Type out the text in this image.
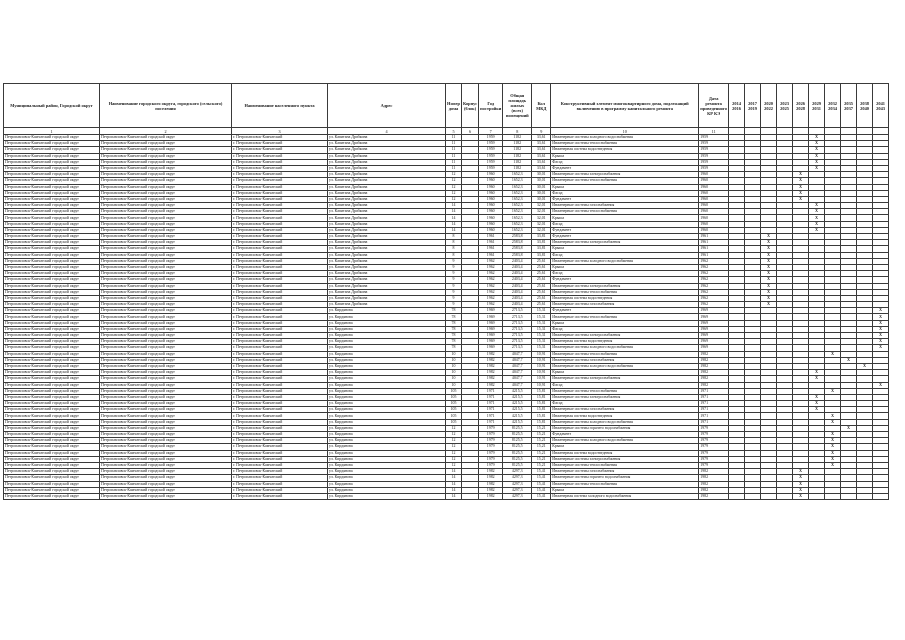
Муниципальный район, Городской округ	Наименование городского округа, городского (сельского) поселения	Наименование населенного пункта	Адрес	Номер дома	Корпус (блок)	Год постройки	Общая площадь жилых (всех) помещений	Кол МКД	Конструктивный элемент многоквартирного дома, подлежащий включению в программу капитального ремонта	Дата ремонта проведенного КР КЭ	2014 2016	2017 2019	2020 2022	2023 2025	2026 2028	2029 2031	2032 2034	2035 2037	2038 2040	2041 2043
1	2	3	4	5	6	7	8	9	10	11										
Петропавловск-Камчатский городской округ	Петропавловск-Камчатский городской округ	г. Петропавловск-Камчатский	ул. Капитана Драбкина	11		1959	1182	33,61	Инженерные системы холодного водоснабжения	1959						X				
Петропавловск-Камчатский городской округ	Петропавловск-Камчатский городской округ	г. Петропавловск-Камчатский	ул. Капитана Драбкина	11		1959	1182	33,61	Инженерные системы теплоснабжения	1959						X				
Петропавловск-Камчатский городской округ	Петропавловск-Камчатский городской округ	г. Петропавловск-Камчатский	ул. Капитана Драбкина	11		1959	1182	33,61	Инженерная система водоотведения	1959						X				
Петропавловск-Камчатский городской округ	Петропавловск-Камчатский городской округ	г. Петропавловск-Камчатский	ул. Капитана Драбкина	11		1959	1182	33,61	Крыша	1959						X				
Петропавловск-Камчатский городской округ	Петропавловск-Камчатский городской округ	г. Петропавловск-Камчатский	ул. Капитана Драбкина	11		1959	1182	33,61	Фасад	1959						X				
Петропавловск-Камчатский городской округ	Петропавловск-Камчатский городской округ	г. Петропавловск-Камчатский	ул. Капитана Драбкина	11		1959	1182	33,61	Фундамент	1959						X				
Петропавловск-Камчатский городской округ	Петропавловск-Камчатский городской округ	г. Петропавловск-Камчатский	ул. Капитана Драбкина	12		1960	1652,3	30,01	Инженерные системы электроснабжения	1960					X					
Петропавловск-Камчатский городской округ	Петропавловск-Камчатский городской округ	г. Петропавловск-Камчатский	ул. Капитана Драбкина	12		1960	1652,3	30,01	Инженерные системы теплоснабжения	1960					X					
Петропавловск-Камчатский городской округ	Петропавловск-Камчатский городской округ	г. Петропавловск-Камчатский	ул. Капитана Драбкина	12		1960	1652,3	30,01	Крыша	1960					X					
Петропавловск-Камчатский городской округ	Петропавловск-Камчатский городской округ	г. Петропавловск-Камчатский	ул. Капитана Драбкина	12		1960	1652,3	30,01	Фасад	1960					X					
Петропавловск-Камчатский городской округ	Петропавловск-Камчатский городской округ	г. Петропавловск-Камчатский	ул. Капитана Драбкина	12		1960	1652,3	30,01	Фундамент	1960					X					
Петропавловск-Камчатский городской округ	Петропавловск-Камчатский городской округ	г. Петропавловск-Камчатский	ул. Капитана Драбкина	14		1960	1652,3	32,01	Инженерные системы газоснабжения	1960						X				
Петропавловск-Камчатский городской округ	Петропавловск-Камчатский городской округ	г. Петропавловск-Камчатский	ул. Капитана Драбкина	14		1960	1652,3	32,01	Инженерные системы теплоснабжения	1960						X				
Петропавловск-Камчатский городской округ	Петропавловск-Камчатский городской округ	г. Петропавловск-Камчатский	ул. Капитана Драбкина	14		1960	1652,3	32,01	Крыша	1960						X				
Петропавловск-Камчатский городской округ	Петропавловск-Камчатский городской округ	г. Петропавловск-Камчатский	ул. Капитана Драбкина	14		1960	1652,3	32,01	Фасад	1960						X				
Петропавловск-Камчатский городской округ	Петропавловск-Камчатский городской округ	г. Петропавловск-Камчатский	ул. Капитана Драбкина	14		1960	1652,3	32,01	Фундамент	1960						X				
Петропавловск-Камчатский городской округ	Петропавловск-Камчатский городской округ	г. Петропавловск-Камчатский	ул. Капитана Драбкина	8		1961	2583,8	33,81	Фундамент	1961			X							
Петропавловск-Камчатский городской округ	Петропавловск-Камчатский городской округ	г. Петропавловск-Камчатский	ул. Капитана Драбкина	8		1961	2583,8	33,81	Инженерные системы электроснабжения	1961			X							
Петропавловск-Камчатский городской округ	Петропавловск-Камчатский городской округ	г. Петропавловск-Камчатский	ул. Капитана Драбкина	8		1961	2583,8	33,81	Крыша	1961			X							
Петропавловск-Камчатский городской округ	Петропавловск-Камчатский городской округ	г. Петропавловск-Камчатский	ул. Капитана Драбкина	8		1961	2583,8	33,81	Фасад	1961			X							
Петропавловск-Камчатский городской округ	Петропавловск-Камчатский городской округ	г. Петропавловск-Камчатский	ул. Капитана Драбкина	9		1962	2403,4	25,61	Инженерные системы холодного водоснабжения	1962			X							
Петропавловск-Камчатский городской округ	Петропавловск-Камчатский городской округ	г. Петропавловск-Камчатский	ул. Капитана Драбкина	9		1962	2403,4	25,61	Крыша	1962			X							
Петропавловск-Камчатский городской округ	Петропавловск-Камчатский городской округ	г. Петропавловск-Камчатский	ул. Капитана Драбкина	9		1962	2403,4	25,61	Фасад	1962			X							
Петропавловск-Камчатский городской округ	Петропавловск-Камчатский городской округ	г. Петропавловск-Камчатский	ул. Капитана Драбкина	9		1962	2403,4	25,61	Фундамент	1962			X							
Петропавловск-Камчатский городской округ	Петропавловск-Камчатский городской округ	г. Петропавловск-Камчатский	ул. Капитана Драбкина	9		1962	2403,4	25,61	Инженерные системы электроснабжения	1962			X							
Петропавловск-Камчатский городской округ	Петропавловск-Камчатский городской округ	г. Петропавловск-Камчатский	ул. Капитана Драбкина	9		1962	2403,4	25,61	Инженерные системы теплоснабжения	1962			X							
Петропавловск-Камчатский городской округ	Петропавловск-Камчатский городской округ	г. Петропавловск-Камчатский	ул. Капитана Драбкина	9		1962	2403,4	25,61	Инженерная система водоотведения	1962			X							
Петропавловск-Камчатский городской округ	Петропавловск-Камчатский городской округ	г. Петропавловск-Камчатский	ул. Капитана Драбкина	9		1962	2403,4	25,61	Инженерные системы газоснабжения	1962			X							
Петропавловск-Камчатский городской округ	Петропавловск-Камчатский городской округ	г. Петропавловск-Камчатский	ул. Кирдянова	78		1969	2713,5	15,31	Фундамент	1969										X
Петропавловск-Камчатский городской округ	Петропавловск-Камчатский городской округ	г. Петропавловск-Камчатский	ул. Кирдянова	78		1969	2713,5	15,31	Инженерные системы теплоснабжения	1969										X
Петропавловск-Камчатский городской округ	Петропавловск-Камчатский городской округ	г. Петропавловск-Камчатский	ул. Кирдянова	78		1969	2713,5	15,31	Крыша	1969										X
Петропавловск-Камчатский городской округ	Петропавловск-Камчатский городской округ	г. Петропавловск-Камчатский	ул. Кирдянова	78		1969	2713,5	15,31	Фасад	1969										X
Петропавловск-Камчатский городской округ	Петропавловск-Камчатский городской округ	г. Петропавловск-Камчатский	ул. Кирдянова	78		1969	2713,5	15,31	Инженерные системы электроснабжения	1969										X
Петропавловск-Камчатский городской округ	Петропавловск-Камчатский городской округ	г. Петропавловск-Камчатский	ул. Кирдянова	78		1969	2713,5	15,31	Инженерная система водоотведения	1969										X
Петропавловск-Камчатский городской округ	Петропавловск-Камчатский городской округ	г. Петропавловск-Камчатский	ул. Кирдянова	78		1969	2713,5	15,31	Инженерные системы холодного водоснабжения	1969										X
Петропавловск-Камчатский городской округ	Петропавловск-Камчатский городской округ	г. Петропавловск-Камчатский	ул. Кирдянова	10		1982	4047,7	10,91	Инженерные системы теплоснабжения	1982							X			
Петропавловск-Камчатский городской округ	Петропавловск-Камчатский городской округ	г. Петропавловск-Камчатский	ул. Кирдянова	10		1982	4047,7	10,91	Инженерные системы газоснабжения	1982								X		
Петропавловск-Камчатский городской округ	Петропавловск-Камчатский городской округ	г. Петропавловск-Камчатский	ул. Кирдянова	10		1982	4047,7	10,91	Инженерные системы холодного водоснабжения	1982									X	
Петропавловск-Камчатский городской округ	Петропавловск-Камчатский городской округ	г. Петропавловск-Камчатский	ул. Кирдянова	10		1982	4047,7	10,91	Крыша	1982						X				
Петропавловск-Камчатский городской округ	Петропавловск-Камчатский городской округ	г. Петропавловск-Камчатский	ул. Кирдянова	10		1982	4047,7	10,91	Инженерные системы электроснабжения	1982						X				
Петропавловск-Камчатский городской округ	Петропавловск-Камчатский городской округ	г. Петропавловск-Камчатский	ул. Кирдянова	10		1982	4047,7	10,91	Фасад	1982										X
Петропавловск-Камчатский городской округ	Петропавловск-Камчатский городской округ	г. Петропавловск-Камчатский	ул. Кирдянова	105		1971	4215,5	15,81	Инженерные системы теплоснабжения	1971							X			
Петропавловск-Камчатский городской округ	Петропавловск-Камчатский городской округ	г. Петропавловск-Камчатский	ул. Кирдянова	105		1971	4215,5	15,81	Инженерные системы электроснабжения	1971						X				
Петропавловск-Камчатский городской округ	Петропавловск-Камчатский городской округ	г. Петропавловск-Камчатский	ул. Кирдянова	105		1971	4215,5	15,81	Фасад	1971						X				
Петропавловск-Камчатский городской округ	Петропавловск-Камчатский городской округ	г. Петропавловск-Камчатский	ул. Кирдянова	105		1971	4215,5	15,81	Инженерные системы газоснабжения	1971						X				
Петропавловск-Камчатский городской округ	Петропавловск-Камчатский городской округ	г. Петропавловск-Камчатский	ул. Кирдянова	105		1971	4215,5	15,81	Инженерная система водоотведения	1971							X			
Петропавловск-Камчатский городской округ	Петропавловск-Камчатский городской округ	г. Петропавловск-Камчатский	ул. Кирдянова	105		1971	4215,5	15,81	Инженерные системы холодного водоснабжения	1971							X			
Петропавловск-Камчатский городской округ	Петропавловск-Камчатский городской округ	г. Петропавловск-Камчатский	ул. Кирдянова	12		1979	8125,5	15,21	Инженерные системы горячего водоснабжения	1979								X		
Петропавловск-Камчатский городской округ	Петропавловск-Камчатский городской округ	г. Петропавловск-Камчатский	ул. Кирдянова	12		1979	8125,5	15,21	Фундамент	1979							X			
Петропавловск-Камчатский городской округ	Петропавловск-Камчатский городской округ	г. Петропавловск-Камчатский	ул. Кирдянова	12		1979	8125,5	15,21	Инженерные системы холодного водоснабжения	1979							X			
Петропавловск-Камчатский городской округ	Петропавловск-Камчатский городской округ	г. Петропавловск-Камчатский	ул. Кирдянова	12		1979	8125,5	15,21	Крыша	1979							X			
Петропавловск-Камчатский городской округ	Петропавловск-Камчатский городской округ	г. Петропавловск-Камчатский	ул. Кирдянова	12		1979	8125,5	15,21	Инженерная система водоотведения	1979							X			
Петропавловск-Камчатский городской округ	Петропавловск-Камчатский городской округ	г. Петропавловск-Камчатский	ул. Кирдянова	12		1979	8125,5	15,21	Инженерные системы электроснабжения	1979							X			
Петропавловск-Камчатский городской округ	Петропавловск-Камчатский городской округ	г. Петропавловск-Камчатский	ул. Кирдянова	12		1979	8125,5	15,21	Инженерные системы теплоснабжения	1979							X			
Петропавловск-Камчатский городской округ	Петропавловск-Камчатский городской округ	г. Петропавловск-Камчатский	ул. Кирдянова	14		1982	4297,3	15,41	Инженерные системы газоснабжения	1982					X					
Петропавловск-Камчатский городской округ	Петропавловск-Камчатский городской округ	г. Петропавловск-Камчатский	ул. Кирдянова	14		1982	4297,3	15,41	Инженерные системы горячего водоснабжения	1982					X					
Петропавловск-Камчатский городской округ	Петропавловск-Камчатский городской округ	г. Петропавловск-Камчатский	ул. Кирдянова	14		1982	4297,3	15,41	Инженерные системы теплоснабжения	1982					X					
Петропавловск-Камчатский городской округ	Петропавловск-Камчатский городской округ	г. Петропавловск-Камчатский	ул. Кирдянова	14		1982	4297,3	15,41	Крыша	1982					X					
Петропавловск-Камчатский городской округ	Петропавловск-Камчатский городской округ	г. Петропавловск-Камчатский	ул. Кирдянова	14		1982	4297,3	15,41	Инженерная система холодного водоснабжения	1982					X					
